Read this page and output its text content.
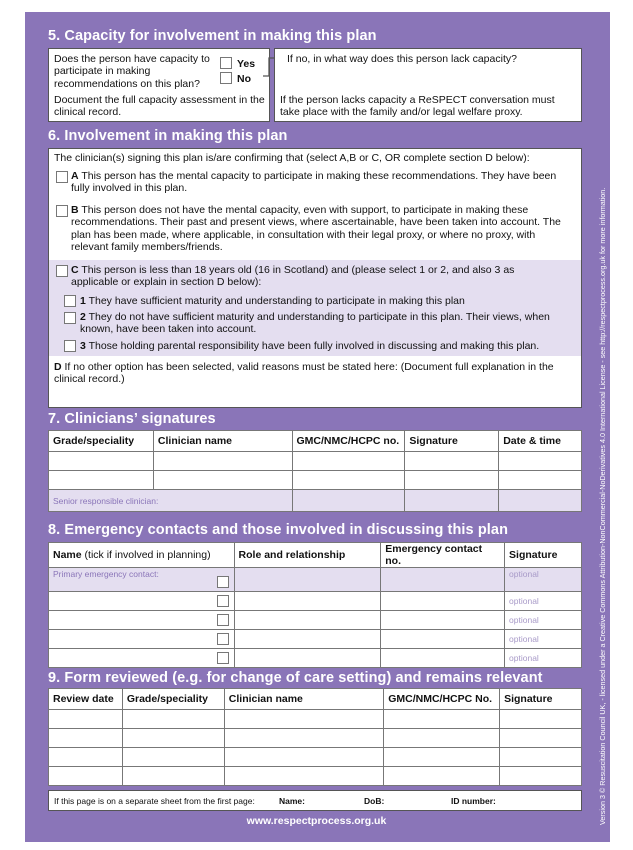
5. Capacity for involvement in making this plan
Does the person have capacity to participate in making recommendations on this plan?
Yes
No
Document the full capacity assessment in the clinical record.
If no, in what way does this person lack capacity?
If the person lacks capacity a ReSPECT conversation must take place with the family and/or legal welfare proxy.
6. Involvement in making this plan
The clinician(s) signing this plan is/are confirming that (select A,B or C, OR complete section D below):
A This person has the mental capacity to participate in making these recommendations. They have been fully involved in this plan.
B This person does not have the mental capacity, even with support, to participate in making these recommendations. Their past and present views, where ascertainable, have been taken into account. The plan has been made, where applicable, in consultation with their legal proxy, or where no proxy, with relevant family members/friends.
C This person is less than 18 years old (16 in Scotland) and (please select 1 or 2, and also 3 as applicable or explain in section D below):
1 They have sufficient maturity and understanding to participate in making this plan
2 They do not have sufficient maturity and understanding to participate in this plan. Their views, when known, have been taken into account.
3 Those holding parental responsibility have been fully involved in discussing and making this plan.
D If no other option has been selected, valid reasons must be stated here: (Document full explanation in the clinical record.)
7. Clinicians’ signatures
Grade/speciality	Clinician name	GMC/NMC/HCPC no.	Signature	Date & time

Senior responsible clinician:				
8. Emergency contacts and those involved in discussing this plan
Name (tick if involved in planning)	Role and relationship	Emergency contact no.	Signature
Primary emergency contact:			optional

			optional

			optional

			optional

			optional
9. Form reviewed (e.g. for change of care setting) and remains relevant
Review date	Grade/speciality	Clinician name	GMC/NMC/HCPC No.	Signature

If this page is on a separate sheet from the first page:	Name:	DoB:	ID number:
www.respectprocess.org.uk	Version 3 © Resuscitation Council UK, - licensed under a Creative Commons Attribution-NonCommercial-NoDerivatives 4.0 International License - see http://respectprocess.org.uk for more information.
